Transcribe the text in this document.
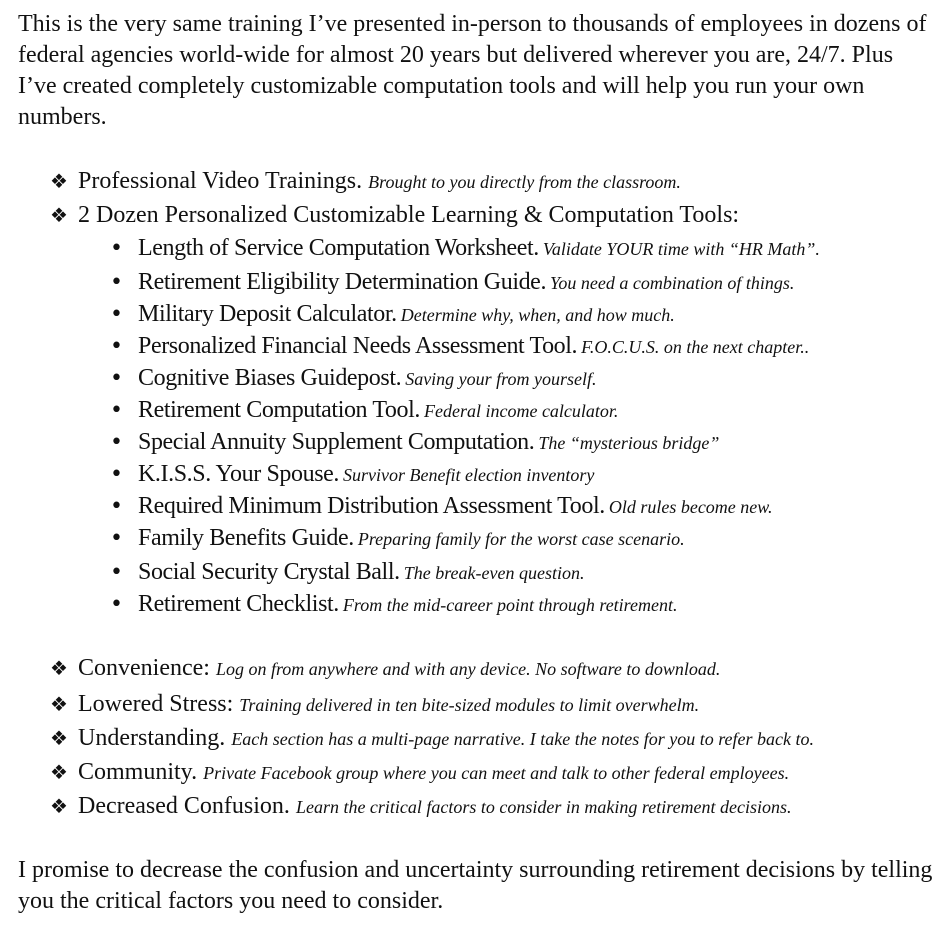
This is the very same training I’ve presented in-person to thousands of employees in dozens of federal agencies world-wide for almost 20 years but delivered wherever you are, 24/7. Plus I’ve created completely customizable computation tools and will help you run your own numbers.

❖ Professional Video Trainings. Brought to you directly from the classroom.
❖ 2 Dozen Personalized Customizable Learning & Computation Tools:
• Length of Service Computation Worksheet. Validate YOUR time with “HR Math”.
• Retirement Eligibility Determination Guide. You need a combination of things.
• Military Deposit Calculator. Determine why, when, and how much.
• Personalized Financial Needs Assessment Tool. F.O.C.U.S. on the next chapter..
• Cognitive Biases Guidepost. Saving your from yourself.
• Retirement Computation Tool. Federal income calculator.
• Special Annuity Supplement Computation. The “mysterious bridge”
• K.I.S.S. Your Spouse. Survivor Benefit election inventory
• Required Minimum Distribution Assessment Tool. Old rules become new.
• Family Benefits Guide. Preparing family for the worst case scenario.
• Social Security Crystal Ball. The break-even question.
• Retirement Checklist. From the mid-career point through retirement.
❖ Convenience: Log on from anywhere and with any device. No software to download.
❖ Lowered Stress: Training delivered in ten bite-sized modules to limit overwhelm.
❖ Understanding. Each section has a multi-page narrative. I take the notes for you to refer back to.
❖ Community. Private Facebook group where you can meet and talk to other federal employees.
❖ Decreased Confusion. Learn the critical factors to consider in making retirement decisions.

I promise to decrease the confusion and uncertainty surrounding retirement decisions by telling you the critical factors you need to consider.
